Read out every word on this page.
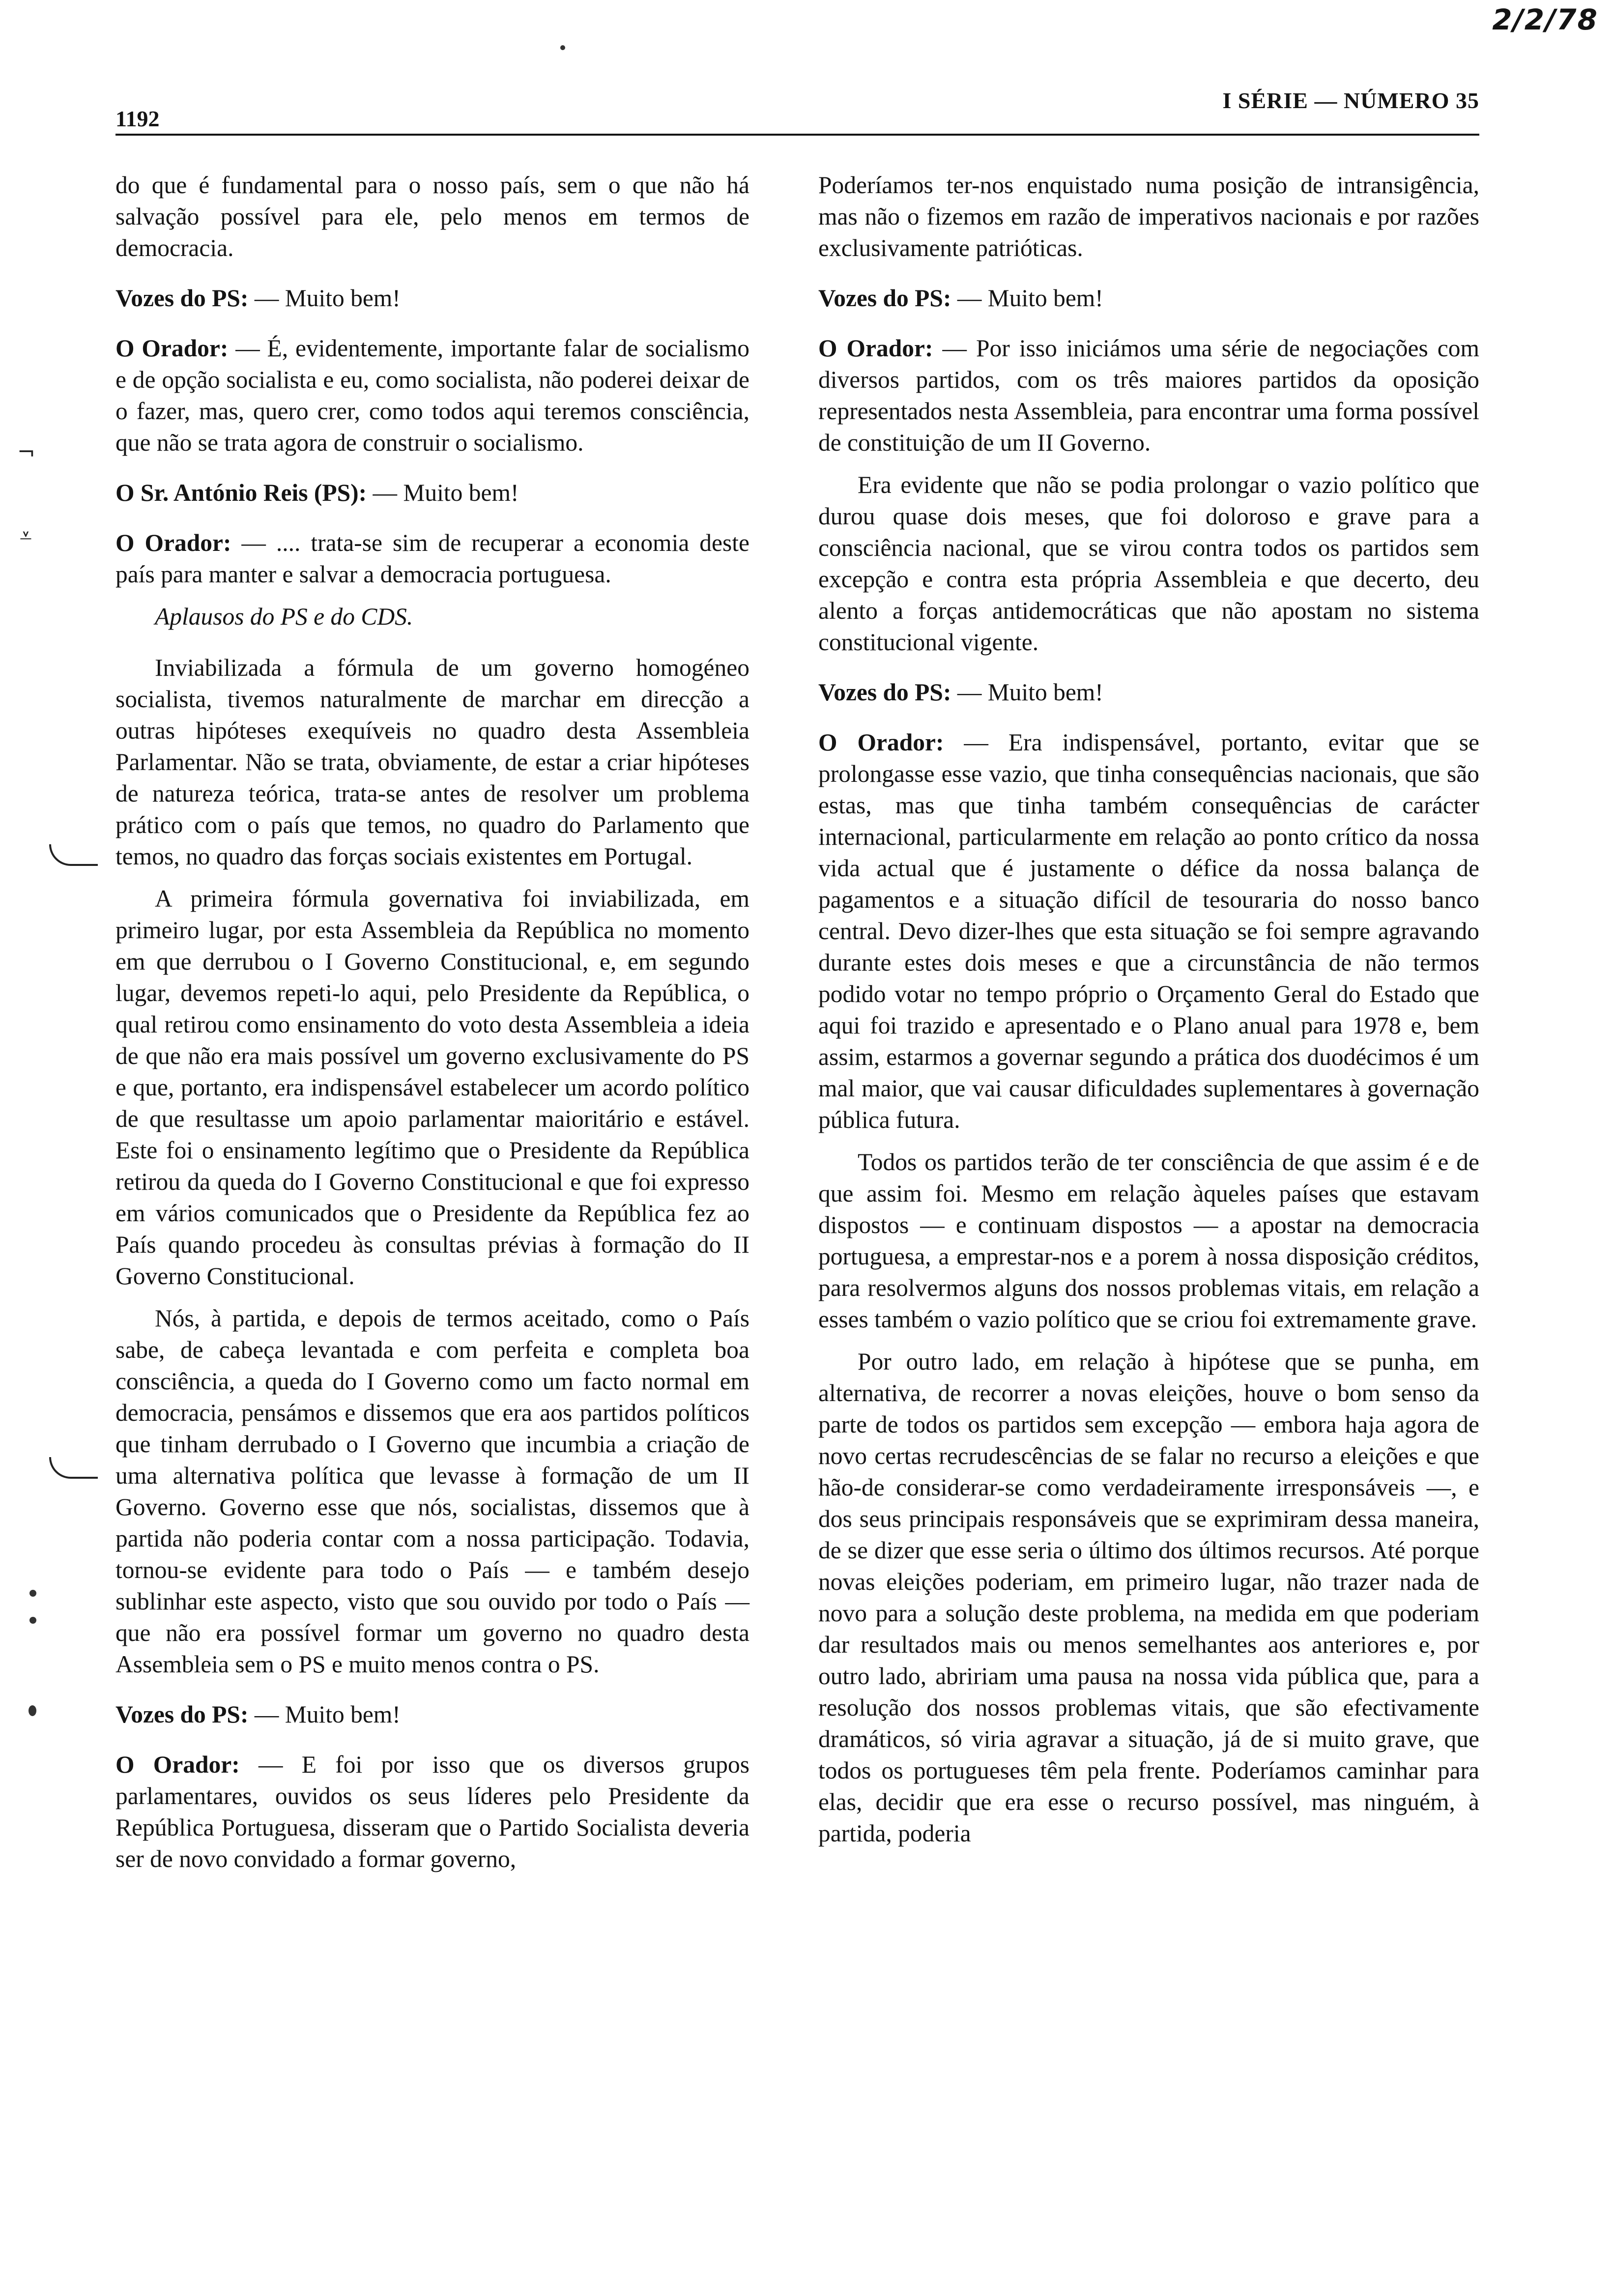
2/2/78
1192
I SÉRIE — NÚMERO 35
¬
⩡

do que é fundamental para o nosso país, sem o que não há salvação possível para ele, pelo menos em termos de democracia.

Vozes do PS: — Muito bem!

O Orador: — É, evidentemente, importante falar de socialismo e de opção socialista e eu, como socialista, não poderei deixar de o fazer, mas, quero crer, como todos aqui teremos consciência, que não se trata agora de construir o socialismo.

O Sr. António Reis (PS): — Muito bem!

O Orador: — .... trata-se sim de recuperar a economia deste país para manter e salvar a democracia portuguesa.

Aplausos do PS e do CDS.

Inviabilizada a fórmula de um governo homogéneo socialista, tivemos naturalmente de marchar em direcção a outras hipóteses exequíveis no quadro desta Assembleia Parlamentar. Não se trata, obviamente, de estar a criar hipóteses de natureza teórica, trata-se antes de resolver um problema prático com o país que temos, no quadro do Parlamento que temos, no quadro das forças sociais existentes em Portugal.

A primeira fórmula governativa foi inviabilizada, em primeiro lugar, por esta Assembleia da República no momento em que derrubou o I Governo Constitucional, e, em segundo lugar, devemos repeti-lo aqui, pelo Presidente da República, o qual retirou como ensinamento do voto desta Assembleia a ideia de que não era mais possível um governo exclusivamente do PS e que, portanto, era indispensável estabelecer um acordo político de que resultasse um apoio parlamentar maioritário e estável. Este foi o ensinamento legítimo que o Presidente da República retirou da queda do I Governo Constitucional e que foi expresso em vários comunicados que o Presidente da República fez ao País quando procedeu às consultas prévias à formação do II Governo Constitucional.

Nós, à partida, e depois de termos aceitado, como o País sabe, de cabeça levantada e com perfeita e completa boa consciência, a queda do I Governo como um facto normal em democracia, pensámos e dissemos que era aos partidos políticos que tinham derrubado o I Governo que incumbia a criação de uma alternativa política que levasse à formação de um II Governo. Governo esse que nós, socialistas, dissemos que à partida não poderia contar com a nossa participação. Todavia, tornou-se evidente para todo o País — e também desejo sublinhar este aspecto, visto que sou ouvido por todo o País — que não era possível formar um governo no quadro desta Assembleia sem o PS e muito menos contra o PS.

Vozes do PS: — Muito bem!

O Orador: — E foi por isso que os diversos grupos parlamentares, ouvidos os seus líderes pelo Presidente da República Portuguesa, disseram que o Partido Socialista deveria ser de novo convidado a formar governo,

Poderíamos ter-nos enquistado numa posição de intransigência, mas não o fizemos em razão de imperativos nacionais e por razões exclusivamente patrióticas.

Vozes do PS: — Muito bem!

O Orador: — Por isso iniciámos uma série de negociações com diversos partidos, com os três maiores partidos da oposição representados nesta Assembleia, para encontrar uma forma possível de constituição de um II Governo.

Era evidente que não se podia prolongar o vazio político que durou quase dois meses, que foi doloroso e grave para a consciência nacional, que se virou contra todos os partidos sem excepção e contra esta própria Assembleia e que decerto, deu alento a forças antidemocráticas que não apostam no sistema constitucional vigente.

Vozes do PS: — Muito bem!

O Orador: — Era indispensável, portanto, evitar que se prolongasse esse vazio, que tinha consequências nacionais, que são estas, mas que tinha também consequências de carácter internacional, particularmente em relação ao ponto crítico da nossa vida actual que é justamente o défice da nossa balança de pagamentos e a situação difícil de tesouraria do nosso banco central. Devo dizer-lhes que esta situação se foi sempre agravando durante estes dois meses e que a circunstância de não termos podido votar no tempo próprio o Orçamento Geral do Estado que aqui foi trazido e apresentado e o Plano anual para 1978 e, bem assim, estarmos a governar segundo a prática dos duodécimos é um mal maior, que vai causar dificuldades suplementares à governação pública futura.

Todos os partidos terão de ter consciência de que assim é e de que assim foi. Mesmo em relação àqueles países que estavam dispostos — e continuam dispostos — a apostar na democracia portuguesa, a emprestar-nos e a porem à nossa disposição créditos, para resolvermos alguns dos nossos problemas vitais, em relação a esses também o vazio político que se criou foi extremamente grave.

Por outro lado, em relação à hipótese que se punha, em alternativa, de recorrer a novas eleições, houve o bom senso da parte de todos os partidos sem excepção — embora haja agora de novo certas recrudescências de se falar no recurso a eleições e que hão-de considerar-se como verdadeiramente irresponsáveis —, e dos seus principais responsáveis que se exprimiram dessa maneira, de se dizer que esse seria o último dos últimos recursos. Até porque novas eleições poderiam, em primeiro lugar, não trazer nada de novo para a solução deste problema, na medida em que poderiam dar resultados mais ou menos semelhantes aos anteriores e, por outro lado, abririam uma pausa na nossa vida pública que, para a resolução dos nossos problemas vitais, que são efectivamente dramáticos, só viria agravar a situação, já de si muito grave, que todos os portugueses têm pela frente. Poderíamos caminhar para elas, decidir que era esse o recurso possível, mas ninguém, à partida, poderia
